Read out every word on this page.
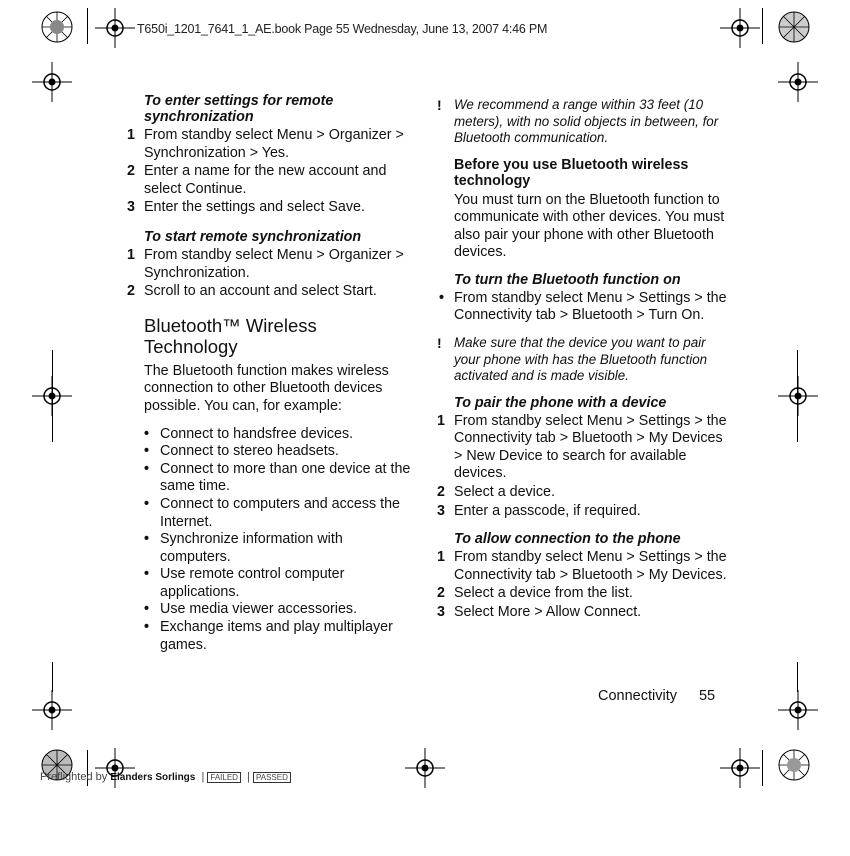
T650i_1201_7641_1_AE.book Page 55 Wednesday, June 13, 2007 4:46 PM
To enter settings for remote synchronization
1 From standby select Menu > Organizer > Synchronization > Yes.
2 Enter a name for the new account and select Continue.
3 Enter the settings and select Save.
To start remote synchronization
1 From standby select Menu > Organizer > Synchronization.
2 Scroll to an account and select Start.
Bluetooth™ Wireless Technology
The Bluetooth function makes wireless connection to other Bluetooth devices possible. You can, for example:
• Connect to handsfree devices.
• Connect to stereo headsets.
• Connect to more than one device at the same time.
• Connect to computers and access the Internet.
• Synchronize information with computers.
• Use remote control computer applications.
• Use media viewer accessories.
• Exchange items and play multiplayer games.
! We recommend a range within 33 feet (10 meters), with no solid objects in between, for Bluetooth communication.
Before you use Bluetooth wireless technology
You must turn on the Bluetooth function to communicate with other devices. You must also pair your phone with other Bluetooth devices.
To turn the Bluetooth function on
• From standby select Menu > Settings > the Connectivity tab > Bluetooth > Turn On.
! Make sure that the device you want to pair your phone with has the Bluetooth function activated and is made visible.
To pair the phone with a device
1 From standby select Menu > Settings > the Connectivity tab > Bluetooth > My Devices > New Device to search for available devices.
2 Select a device.
3 Enter a passcode, if required.
To allow connection to the phone
1 From standby select Menu > Settings > the Connectivity tab > Bluetooth > My Devices.
2 Select a device from the list.
3 Select More > Allow Connect.
Connectivity 55
Preflighted by Elanders Sorlings  | FAILED  | PASSED
